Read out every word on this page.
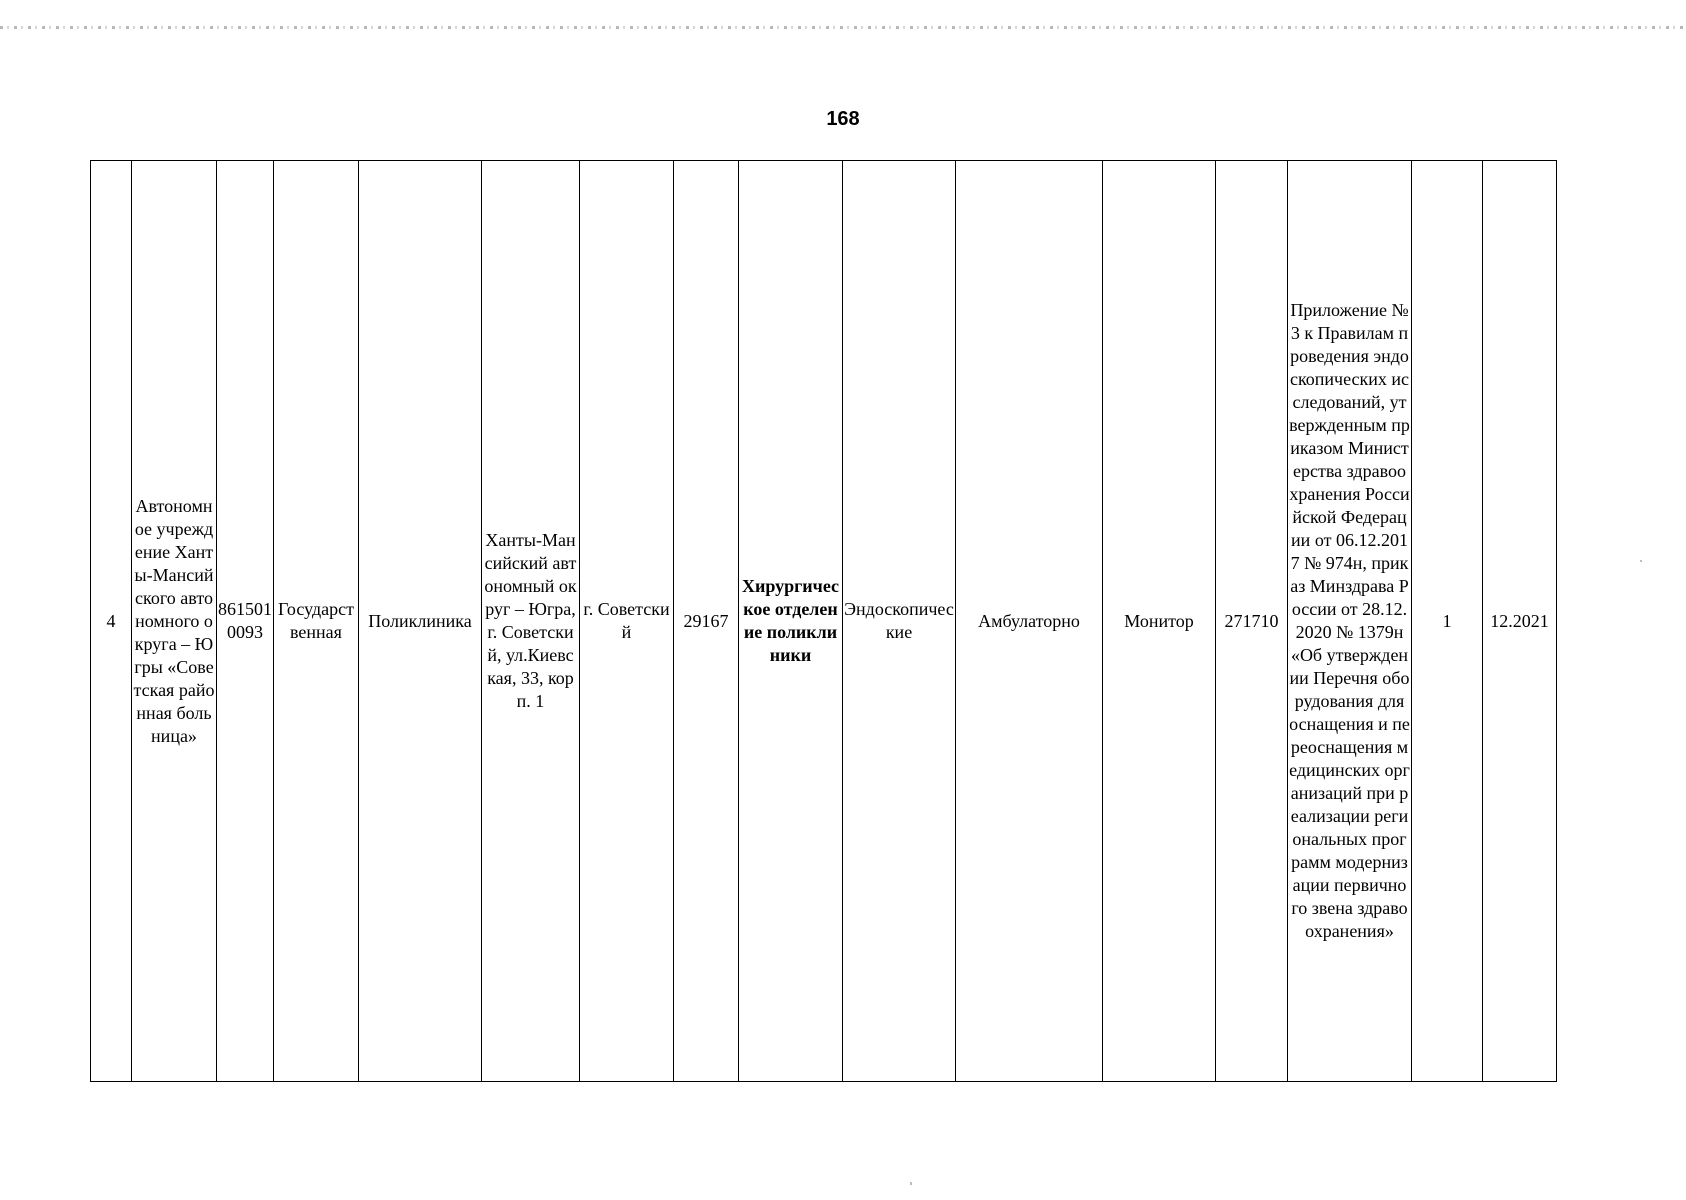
168
4	Автономное учреждение Ханты-Мансийского автономного округа – Югры «Советская районная больница»	8615010093	Государственная	Поликлиника	Ханты-Мансийский автономный округ – Югра, г. Советский, ул.Киевская, 33, корп. 1	г. Советский	29167	Хирургическое отделение поликлиники	Эндоскопические	Амбулаторно	Монитор	271710	Приложение № 3 к Правилам проведения эндоскопических исследований, утвержденным приказом Министерства здравоохранения Российской Федерации от 06.12.2017 № 974н, приказ Минздрава России от 28.12.2020 № 1379н «Об утверждении Перечня оборудования для оснащения и переоснащения медицинских организаций при реализации региональных программ модернизации первичного звена здравоохранения»	1	12.2021
